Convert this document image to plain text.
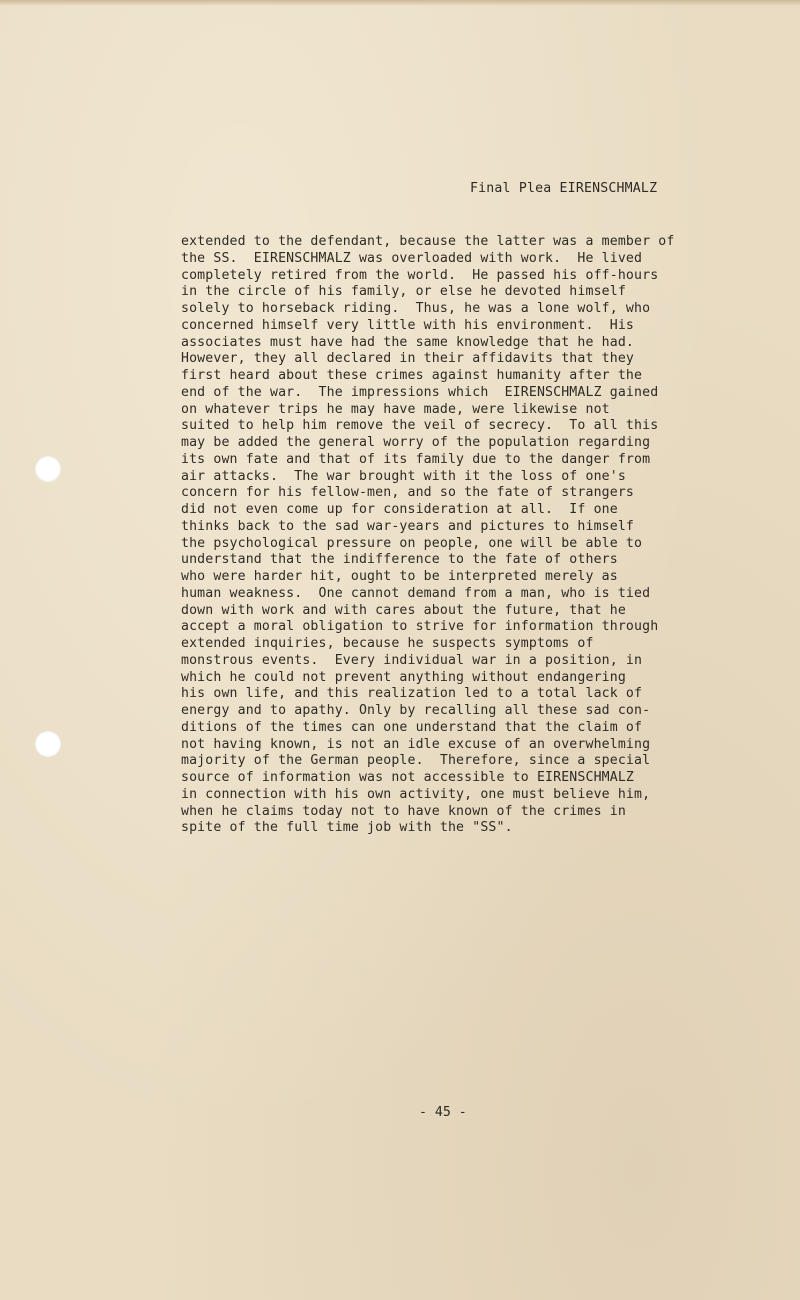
Final Plea EIRENSCHMALZ
extended to the defendant, because the latter was a member of
the SS.  EIRENSCHMALZ was overloaded with work.  He lived
completely retired from the world.  He passed his off-hours
in the circle of his family, or else he devoted himself
solely to horseback riding.  Thus, he was a lone wolf, who
concerned himself very little with his environment.  His
associates must have had the same knowledge that he had.
However, they all declared in their affidavits that they
first heard about these crimes against humanity after the
end of the war.  The impressions which  EIRENSCHMALZ gained
on whatever trips he may have made, were likewise not
suited to help him remove the veil of secrecy.  To all this
may be added the general worry of the population regarding
its own fate and that of its family due to the danger from
air attacks.  The war brought with it the loss of one's
concern for his fellow-men, and so the fate of strangers
did not even come up for consideration at all.  If one
thinks back to the sad war-years and pictures to himself
the psychological pressure on people, one will be able to
understand that the indifference to the fate of others
who were harder hit, ought to be interpreted merely as
human weakness.  One cannot demand from a man, who is tied
down with work and with cares about the future, that he
accept a moral obligation to strive for information through
extended inquiries, because he suspects symptoms of
monstrous events.  Every individual war in a position, in
which he could not prevent anything without endangering
his own life, and this realization led to a total lack of
energy and to apathy. Only by recalling all these sad con-
ditions of the times can one understand that the claim of
not having known, is not an idle excuse of an overwhelming
majority of the German people.  Therefore, since a special
source of information was not accessible to EIRENSCHMALZ
in connection with his own activity, one must believe him,
when he claims today not to have known of the crimes in
spite of the full time job with the "SS".
- 45 -
